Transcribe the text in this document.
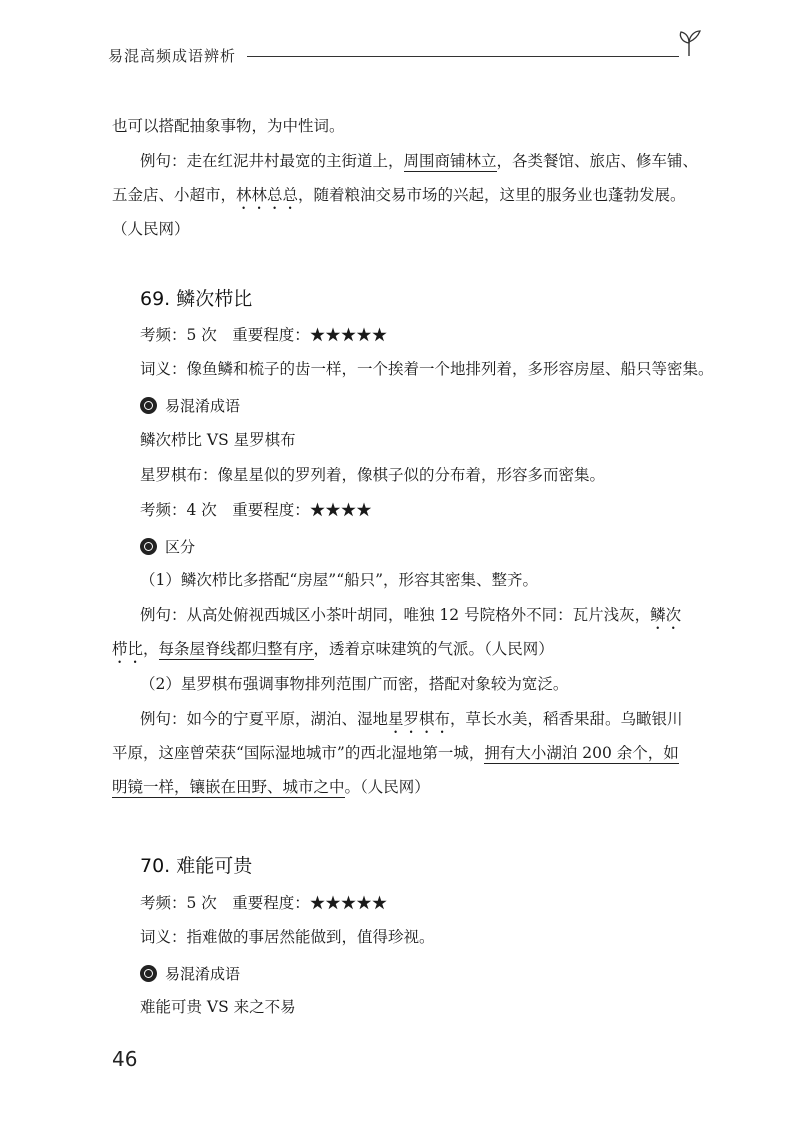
易混高频成语辨析
也可以搭配抽象事物，为中性词。
例句：走在红泥井村最宽的主街道上，周围商铺林立，各类餐馆、旅店、修车铺、
五金店、小超市，林林总总，随着粮油交易市场的兴起，这里的服务业也蓬勃发展。
（人民网）
69. 鳞次栉比
考频：5 次　重要程度：★★★★★
词义：像鱼鳞和梳子的齿一样，一个挨着一个地排列着，多形容房屋、船只等密集。
易混淆成语
鳞次栉比 VS 星罗棋布
星罗棋布：像星星似的罗列着，像棋子似的分布着，形容多而密集。
考频：4 次　重要程度：★★★★
区分
（1）鳞次栉比多搭配“房屋”“船只”，形容其密集、整齐。
例句：从高处俯视西城区小茶叶胡同，唯独 12 号院格外不同：瓦片浅灰，鳞次
栉比，每条屋脊线都归整有序，透着京味建筑的气派。（人民网）
（2）星罗棋布强调事物排列范围广而密，搭配对象较为宽泛。
例句：如今的宁夏平原，湖泊、湿地星罗棋布，草长水美，稻香果甜。乌瞰银川
平原，这座曾荣获“国际湿地城市”的西北湿地第一城，拥有大小湖泊 200 余个，如
明镜一样，镶嵌在田野、城市之中。（人民网）
70. 难能可贵
考频：5 次　重要程度：★★★★★
词义：指难做的事居然能做到，值得珍视。
易混淆成语
难能可贵 VS 来之不易
46
